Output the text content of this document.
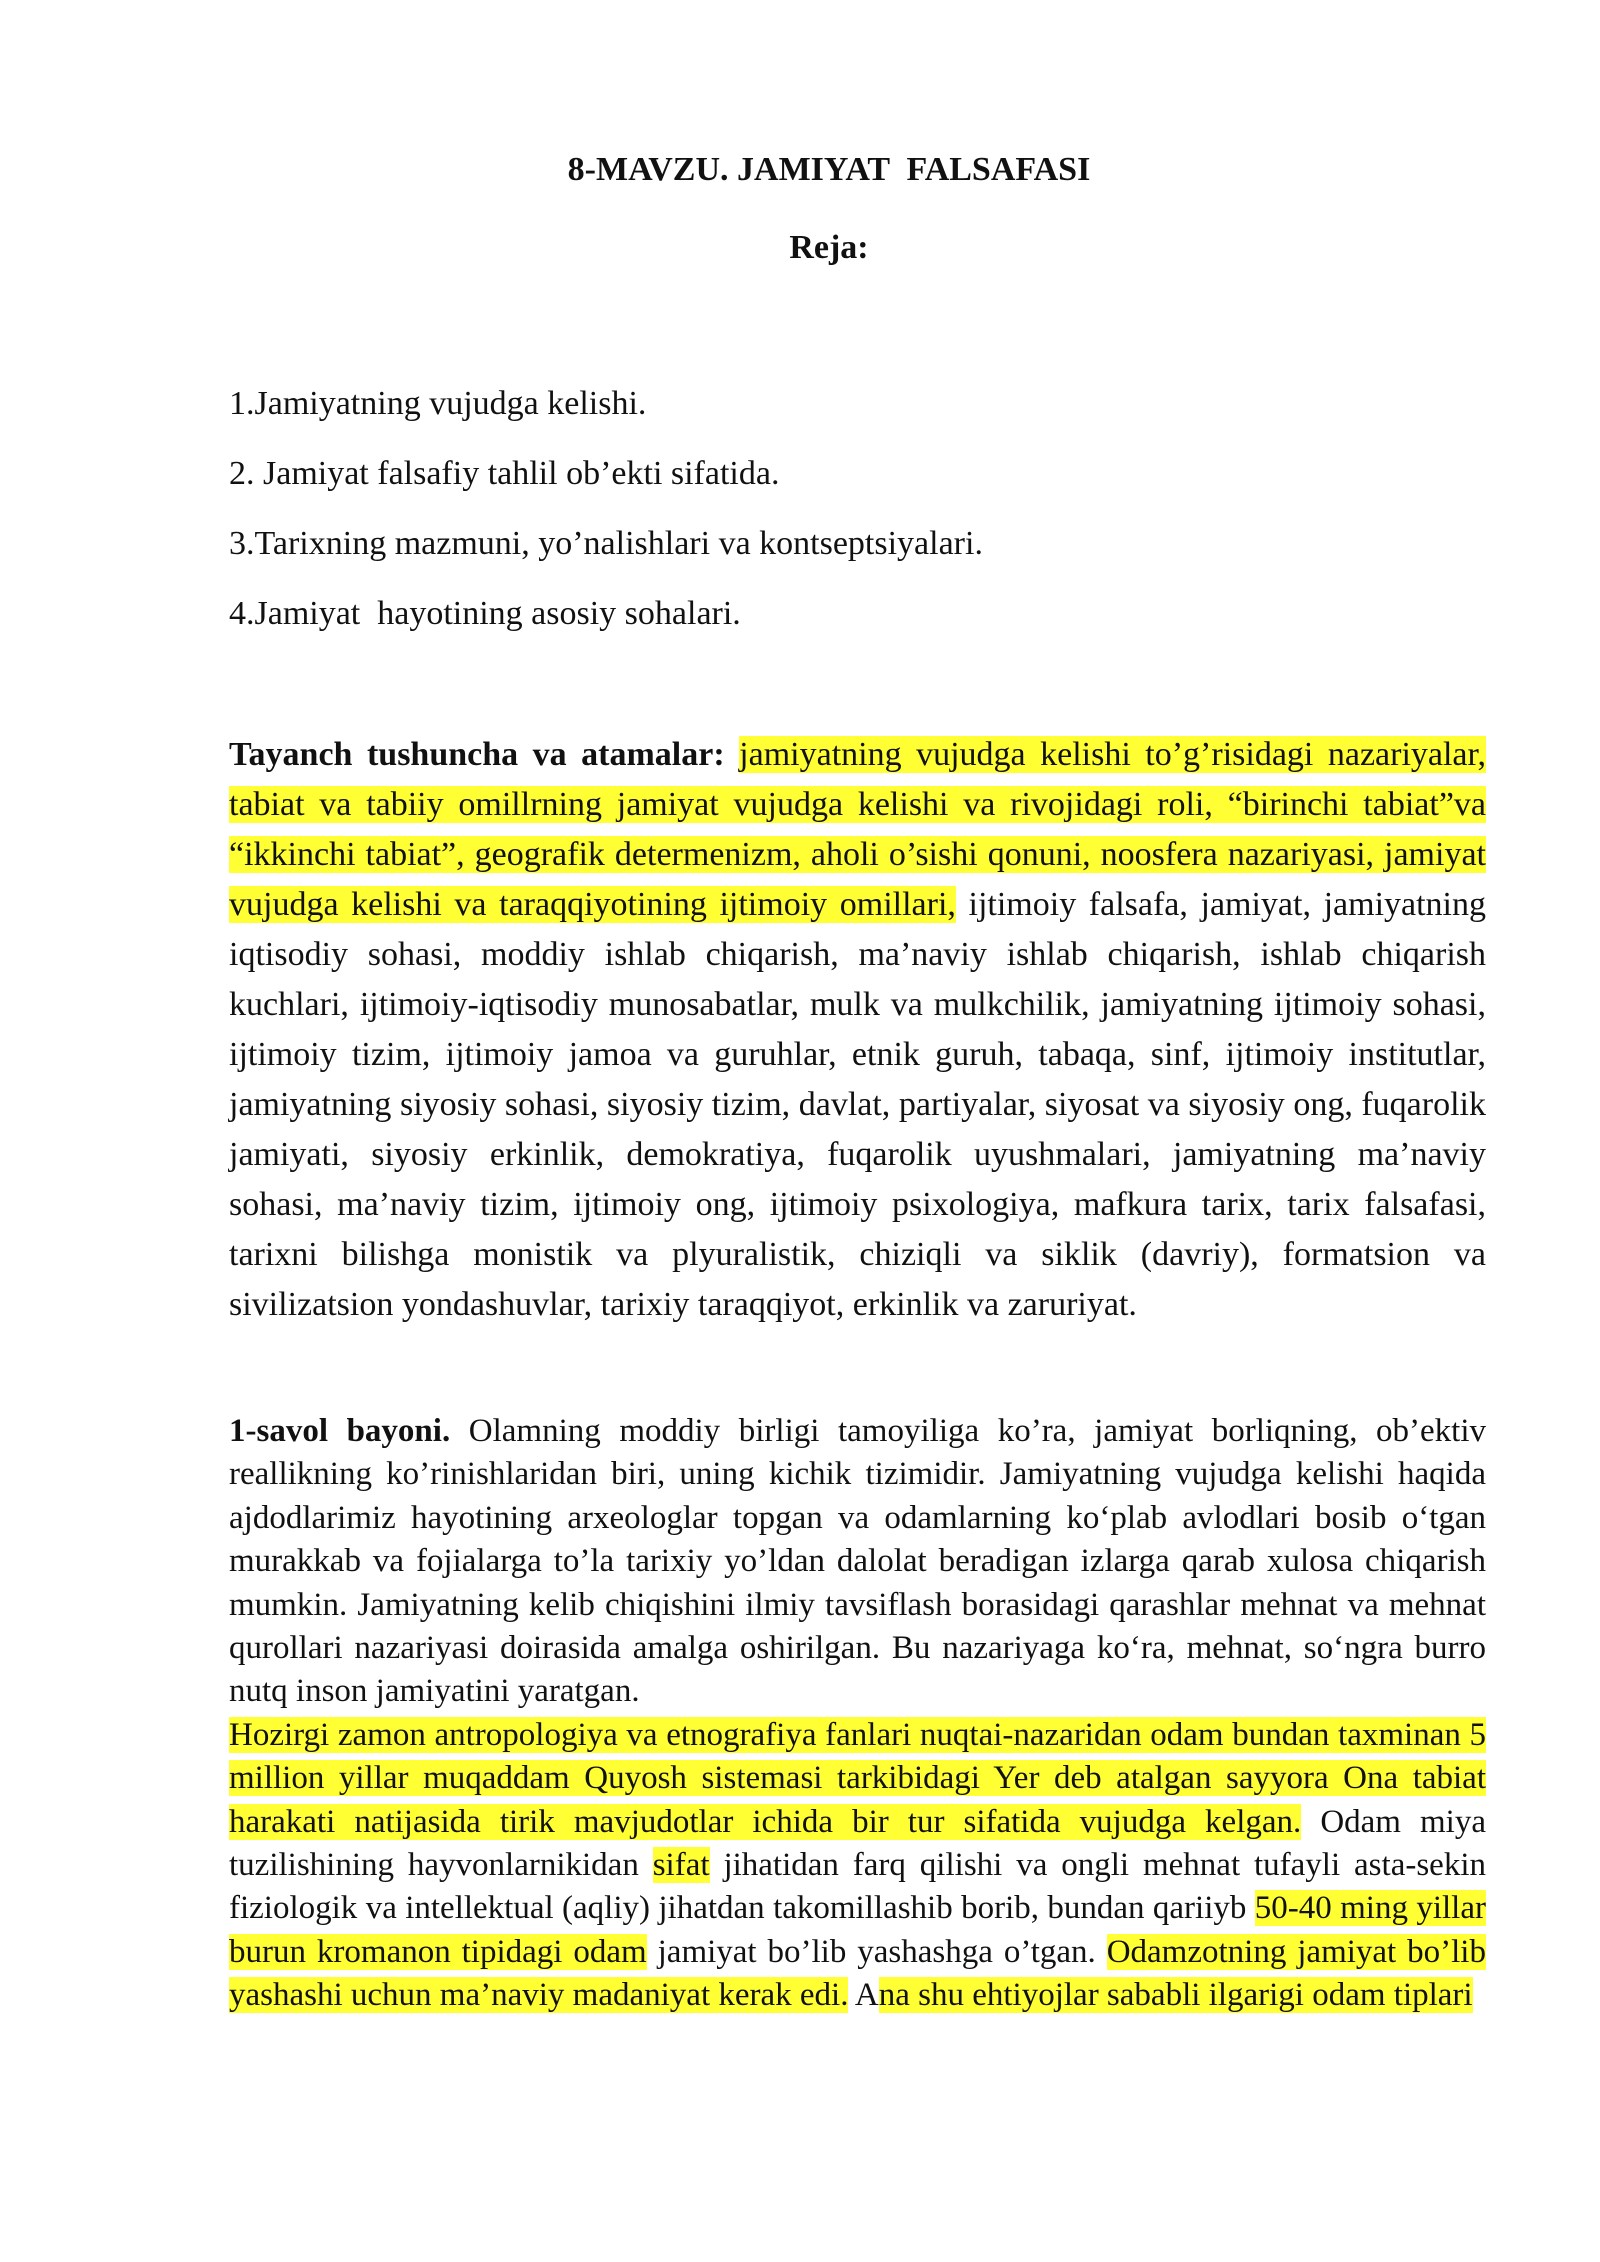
8-MAVZU. JAMIYAT  FALSAFASI
Reja:
1.Jamiyatning vujudga kelishi.
2. Jamiyat falsafiy tahlil ob’ekti sifatida.
3.Tarixning mazmuni, yo’nalishlari va kontseptsiyalari.
4.Jamiyat  hayotining asosiy sohalari.

Tayanch tushuncha va atamalar: jamiyatning vujudga kelishi to’g’risidagi nazariyalar, tabiat va tabiiy omillrning jamiyat vujudga kelishi va rivojidagi roli, “birinchi tabiat”va “ikkinchi tabiat”, geografik determenizm, aholi o’sishi qonuni, noosfera nazariyasi, jamiyat vujudga kelishi va taraqqiyotining ijtimoiy omillari, ijtimoiy falsafa, jamiyat, jamiyatning iqtisodiy sohasi, moddiy ishlab chiqarish, ma’naviy ishlab chiqarish, ishlab chiqarish kuchlari, ijtimoiy-iqtisodiy munosabatlar, mulk va mulkchilik, jamiyatning ijtimoiy sohasi, ijtimoiy tizim, ijtimoiy jamoa va guruhlar, etnik guruh, tabaqa, sinf, ijtimoiy institutlar, jamiyatning siyosiy sohasi, siyosiy tizim, davlat, partiyalar, siyosat va siyosiy ong, fuqarolik jamiyati, siyosiy erkinlik, demokratiya, fuqarolik uyushmalari, jamiyatning ma’naviy sohasi, ma’naviy tizim, ijtimoiy ong, ijtimoiy psixologiya, mafkura tarix, tarix falsafasi, tarixni bilishga monistik va plyuralistik, chiziqli va siklik (davriy), formatsion va sivilizatsion yondashuvlar, tarixiy taraqqiyot, erkinlik va zaruriyat.

1-savol bayoni. Olamning moddiy birligi tamoyiliga ko’ra, jamiyat borliqning, ob’ektiv reallikning ko’rinishlaridan biri, uning kichik tizimidir. Jamiyatning vujudga kelishi haqida ajdodlarimiz hayotining arxeologlar topgan va odamlarning ko‘plab avlodlari bosib o‘tgan murakkab va fojialarga to’la tarixiy yo’ldan dalolat beradigan izlarga qarab xulosa chiqarish mumkin. Jamiyatning kelib chiqishini ilmiy tavsiflash borasidagi qarashlar mehnat va mehnat qurollari nazariyasi doirasida amalga oshirilgan. Bu nazariyaga ko‘ra, mehnat, so‘ngra burro nutq inson jamiyatini yaratgan.
Hozirgi zamon antropologiya va etnografiya fanlari nuqtai-nazaridan odam bundan taxminan 5 million yillar muqaddam Quyosh sistemasi tarkibidagi Yer deb atalgan sayyora Ona tabiat harakati natijasida tirik mavjudotlar ichida bir tur sifatida vujudga kelgan. Odam miya tuzilishining hayvonlarnikidan sifat jihatidan farq qilishi va ongli mehnat tufayli asta-sekin fiziologik va intellektual (aqliy) jihatdan takomillashib borib, bundan qariiyb 50-40 ming yillar burun kromanon tipidagi odam jamiyat bo’lib yashashga o’tgan. Odamzotning jamiyat bo’lib yashashi uchun ma’naviy madaniyat kerak edi. Ana shu ehtiyojlar sababli ilgarigi odam tiplari
